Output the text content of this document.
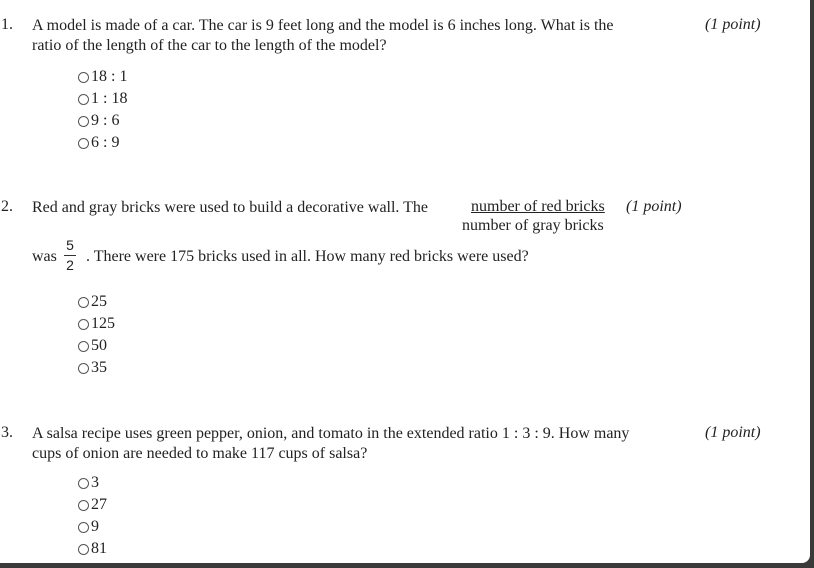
1. A model is made of a car. The car is 9 feet long and the model is 6 inches long. What is the
ratio of the length of the car to the length of the model?
(1 point)
18 : 1
1 : 18
9 : 6
6 : 9
2. Red and gray bricks were used to build a decorative wall. The	number of red bricks
number of gray bricks
(1 point)
was
5
2 . There were 175 bricks used in all. How many red bricks were used?
25
125
50
35
3. A salsa recipe uses green pepper, onion, and tomato in the extended ratio 1 : 3 : 9. How many
cups of onion are needed to make 117 cups of salsa?
(1 point)
3
27
9
81
